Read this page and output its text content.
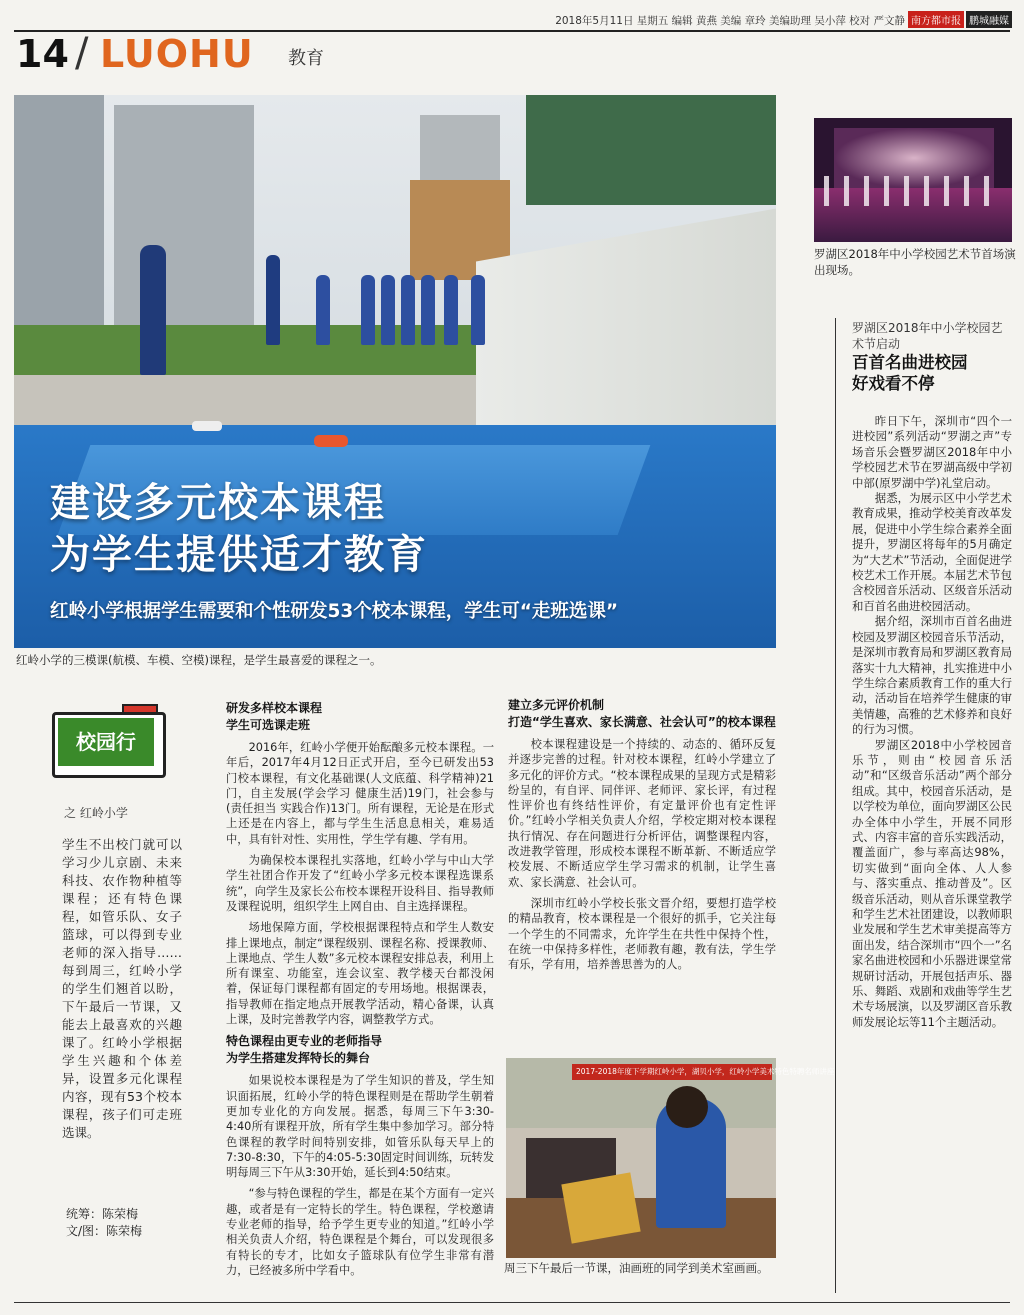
2018年5月11日 星期五 编辑 黄燕 美编 章玲 美编助理 吴小萍 校对 严文静 南方都市报 鹏城融媒
14 / LUOHU 教育
建设多元校本课程
为学生提供适才教育
红岭小学根据学生需要和个性研发53个校本课程，学生可“走班选课”
红岭小学的三模课(航模、车模、空模)课程，是学生最喜爱的课程之一。
罗湖区2018年中小学校园艺术节首场演出现场。
罗湖区2018年中小学校园艺术节启动
百首名曲进校园
好戏看不停

昨日下午，深圳市“四个一进校园”系列活动“罗湖之声”专场音乐会暨罗湖区2018年中小学校园艺术节在罗湖高级中学初中部(原罗湖中学)礼堂启动。

据悉，为展示区中小学艺术教育成果，推动学校美育改革发展，促进中小学生综合素养全面提升，罗湖区将每年的5月确定为“大艺术”节活动，全面促进学校艺术工作开展。本届艺术节包含校园音乐活动、区级音乐活动和百首名曲进校园活动。

据介绍，深圳市百首名曲进校园及罗湖区校园音乐节活动，是深圳市教育局和罗湖区教育局落实十九大精神，扎实推进中小学生综合素质教育工作的重大行动，活动旨在培养学生健康的审美情趣，高雅的艺术修养和良好的行为习惯。

罗湖区2018中小学校园音乐节，则由“校园音乐活动”和“区级音乐活动”两个部分组成。其中，校园音乐活动，是以学校为单位，面向罗湖区公民办全体中小学生，开展不同形式、内容丰富的音乐实践活动，覆盖面广，参与率高达98%，切实做到“面向全体、人人参与、落实重点、推动普及”。区级音乐活动，则从音乐课堂教学和学生艺术社团建设，以教师职业发展和学生艺术审美提高等方面出发，结合深圳市“四个一”名家名曲进校园和小乐器进课堂常规研讨活动，开展包括声乐、器乐、舞蹈、戏剧和戏曲等学生艺术专场展演，以及罗湖区音乐教师发展论坛等11个主题活动。

校园行
之 红岭小学
学生不出校门就可以学习少儿京剧、未来科技、农作物种植等课程；还有特色课程，如管乐队、女子篮球，可以得到专业老师的深入指导……每到周三，红岭小学的学生们翘首以盼，下午最后一节课，又能去上最喜欢的兴趣课了。红岭小学根据学生兴趣和个体差异，设置多元化课程内容，现有53个校本课程，孩子们可走班选课。
统筹：陈荣梅
文/图：陈荣梅

研发多样校本课程

学生可选课走班

2016年，红岭小学便开始酝酿多元校本课程。一年后，2017年4月12日正式开启，至今已研发出53门校本课程，有文化基础课(人文底蕴、科学精神)21门，自主发展(学会学习 健康生活)19门，社会参与(责任担当 实践合作)13门。所有课程，无论是在形式上还是在内容上，都与学生生活息息相关，难易适中，具有针对性、实用性，学生学有趣、学有用。

为确保校本课程扎实落地，红岭小学与中山大学学生社团合作开发了“红岭小学多元校本课程选课系统”，向学生及家长公布校本课程开设科目、指导教师及课程说明，组织学生上网自由、自主选择课程。

场地保障方面，学校根据课程特点和学生人数安排上课地点，制定“课程级别、课程名称、授课教师、上课地点、学生人数”多元校本课程安排总表，利用上所有课室、功能室，连会议室、教学楼天台都没闲着，保证每门课程都有固定的专用场地。根据课表，指导教师在指定地点开展教学活动，精心备课，认真上课，及时完善教学内容，调整教学方式。

特色课程由更专业的老师指导

为学生搭建发挥特长的舞台

如果说校本课程是为了学生知识的普及，学生知识面拓展，红岭小学的特色课程则是在帮助学生朝着更加专业化的方向发展。据悉，每周三下午3:30-4:40所有课程开放，所有学生集中参加学习。部分特色课程的教学时间特别安排，如管乐队每天早上的7:30-8:30，下午的4:05-5:30固定时间训练，玩转发明每周三下午从3:30开始，延长到4:50结束。

“参与特色课程的学生，都是在某个方面有一定兴趣，或者是有一定特长的学生。特色课程，学校邀请专业老师的指导，给予学生更专业的知道。”红岭小学相关负责人介绍，特色课程是个舞台，可以发现很多有特长的专才，比如女子篮球队有位学生非常有潜力，已经被多所中学看中。

建立多元评价机制

打造“学生喜欢、家长满意、社会认可”的校本课程

校本课程建设是一个持续的、动态的、循环反复并逐步完善的过程。针对校本课程，红岭小学建立了多元化的评价方式。“校本课程成果的呈现方式是精彩纷呈的，有自评、同伴评、老师评、家长评，有过程性评价也有终结性评价，有定量评价也有定性评价。”红岭小学相关负责人介绍，学校定期对校本课程执行情况、存在问题进行分析评估，调整课程内容，改进教学管理，形成校本课程不断革新、不断适应学校发展、不断适应学生学习需求的机制，让学生喜欢、家长满意、社会认可。

深圳市红岭小学校长张文晋介绍，要想打造学校的精品教育，校本课程是一个很好的抓手，它关注每一个学生的不同需求，允许学生在共性中保持个性，在统一中保持多样性，老师教有趣，教有法，学生学有乐，学有用，培养善思善为的人。

2017-2018年度下学期红岭小学，湖贝小学，红岭小学美术特色特聘名师讲座
周三下午最后一节课，油画班的同学到美术室画画。
